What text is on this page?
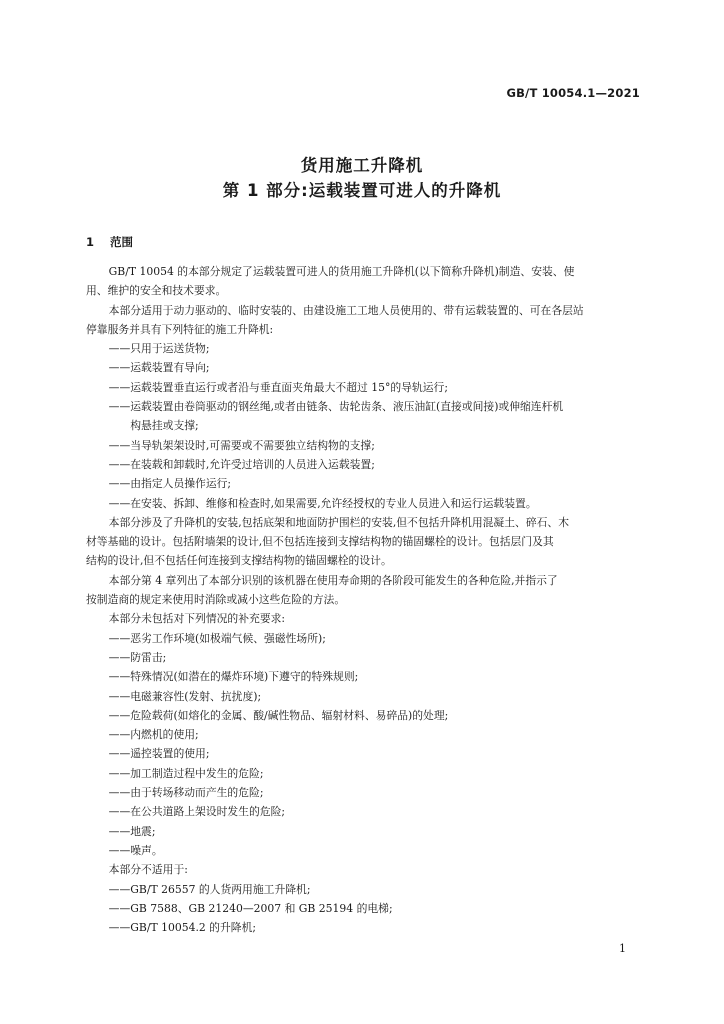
GB/T 10054.1—2021
货用施工升降机
第 1 部分:运载装置可进人的升降机
1 范围

GB/T 10054 的本部分规定了运载装置可进人的货用施工升降机(以下简称升降机)制造、安装、使

用、维护的安全和技术要求。

本部分适用于动力驱动的、临时安装的、由建设施工工地人员使用的、带有运载装置的、可在各层站

停靠服务并具有下列特征的施工升降机:

——只用于运送货物;

——运载装置有导向;

——运载装置垂直运行或者沿与垂直面夹角最大不超过 15°的导轨运行;

——运载装置由卷筒驱动的钢丝绳,或者由链条、齿轮齿条、液压油缸(直接或间接)或伸缩连杆机

构悬挂或支撑;

——当导轨架架设时,可需要或不需要独立结构物的支撑;

——在装载和卸载时,允许受过培训的人员进入运载装置;

——由指定人员操作运行;

——在安装、拆卸、维修和检查时,如果需要,允许经授权的专业人员进入和运行运载装置。

本部分涉及了升降机的安装,包括底架和地面防护围栏的安装,但不包括升降机用混凝土、碎石、木

材等基础的设计。包括附墙架的设计,但不包括连接到支撑结构物的锚固螺栓的设计。包括层门及其

结构的设计,但不包括任何连接到支撑结构物的锚固螺栓的设计。

本部分第 4 章列出了本部分识别的该机器在使用寿命期的各阶段可能发生的各种危险,并指示了

按制造商的规定来使用时消除或减小这些危险的方法。

本部分未包括对下列情况的补充要求:

——恶劣工作环境(如极端气候、强磁性场所);

——防雷击;

——特殊情况(如潜在的爆炸环境)下遵守的特殊规则;

——电磁兼容性(发射、抗扰度);

——危险载荷(如熔化的金属、酸/碱性物品、辐射材料、易碎品)的处理;

——内燃机的使用;

——遥控装置的使用;

——加工制造过程中发生的危险;

——由于转场移动而产生的危险;

——在公共道路上架设时发生的危险;

——地震;

——噪声。

本部分不适用于:

——GB/T 26557 的人货两用施工升降机;

——GB 7588、GB 21240—2007 和 GB 25194 的电梯;

——GB/T 10054.2 的升降机;

1
